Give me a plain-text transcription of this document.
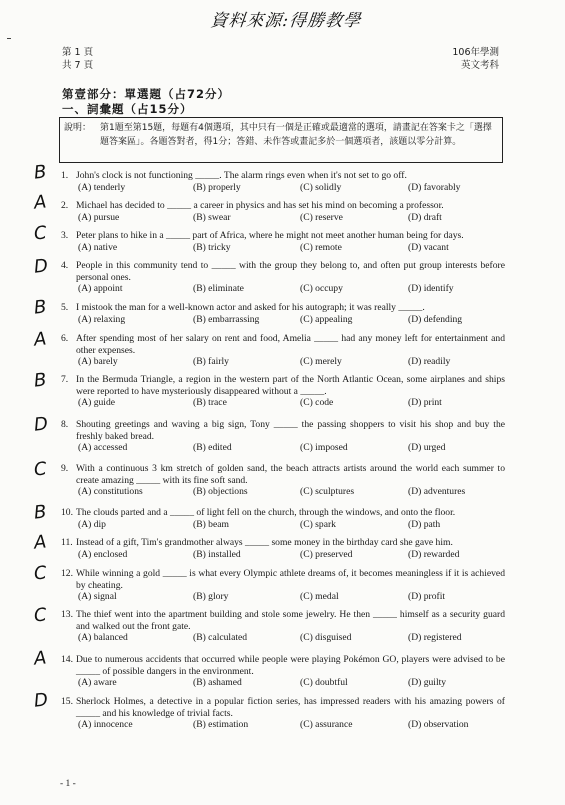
資料來源:得勝教學
第 1 頁
共 7 頁
106年學測
英文考科
第壹部分：單選題（占72分）
一、詞彙題（占15分）
說明： 第1題至第15題，每題有4個選項，其中只有一個是正確或最適當的選項，請畫記在答案卡之「選擇題答案區」。各題答對者，得1分；答錯、未作答或畫記多於一個選項者，該題以零分計算。
1. John's clock is not functioning _____. The alarm rings even when it's not set to go off.
(A) tenderly	(B) properly	(C) solidly	(D) favorably
2. Michael has decided to _____ a career in physics and has set his mind on becoming a professor.
(A) pursue	(B) swear	(C) reserve	(D) draft
3. Peter plans to hike in a _____ part of Africa, where he might not meet another human being for days.
(A) native	(B) tricky	(C) remote	(D) vacant
4. People in this community tend to _____ with the group they belong to, and often put group interests before personal ones.
(A) appoint	(B) eliminate	(C) occupy	(D) identify
5. I mistook the man for a well-known actor and asked for his autograph; it was really _____.
(A) relaxing	(B) embarrassing	(C) appealing	(D) defending
6. After spending most of her salary on rent and food, Amelia _____ had any money left for entertainment and other expenses.
(A) barely	(B) fairly	(C) merely	(D) readily
7. In the Bermuda Triangle, a region in the western part of the North Atlantic Ocean, some airplanes and ships were reported to have mysteriously disappeared without a _____.
(A) guide	(B) trace	(C) code	(D) print
8. Shouting greetings and waving a big sign, Tony _____ the passing shoppers to visit his shop and buy the freshly baked bread.
(A) accessed	(B) edited	(C) imposed	(D) urged
9. With a continuous 3 km stretch of golden sand, the beach attracts artists around the world each summer to create amazing _____ with its fine soft sand.
(A) constitutions	(B) objections	(C) sculptures	(D) adventures
10. The clouds parted and a _____ of light fell on the church, through the windows, and onto the floor.
(A) dip	(B) beam	(C) spark	(D) path
11. Instead of a gift, Tim's grandmother always _____ some money in the birthday card she gave him.
(A) enclosed	(B) installed	(C) preserved	(D) rewarded
12. While winning a gold _____ is what every Olympic athlete dreams of, it becomes meaningless if it is achieved by cheating.
(A) signal	(B) glory	(C) medal	(D) profit
13. The thief went into the apartment building and stole some jewelry. He then _____ himself as a security guard and walked out the front gate.
(A) balanced	(B) calculated	(C) disguised	(D) registered
14. Due to numerous accidents that occurred while people were playing Pokémon GO, players were advised to be _____ of possible dangers in the environment.
(A) aware	(B) ashamed	(C) doubtful	(D) guilty
15. Sherlock Holmes, a detective in a popular fiction series, has impressed readers with his amazing powers of _____ and his knowledge of trivial facts.
(A) innocence	(B) estimation	(C) assurance	(D) observation
- 1 -
B
A
C
D
B
A
B
D
C
B
A
C
C
A
D
